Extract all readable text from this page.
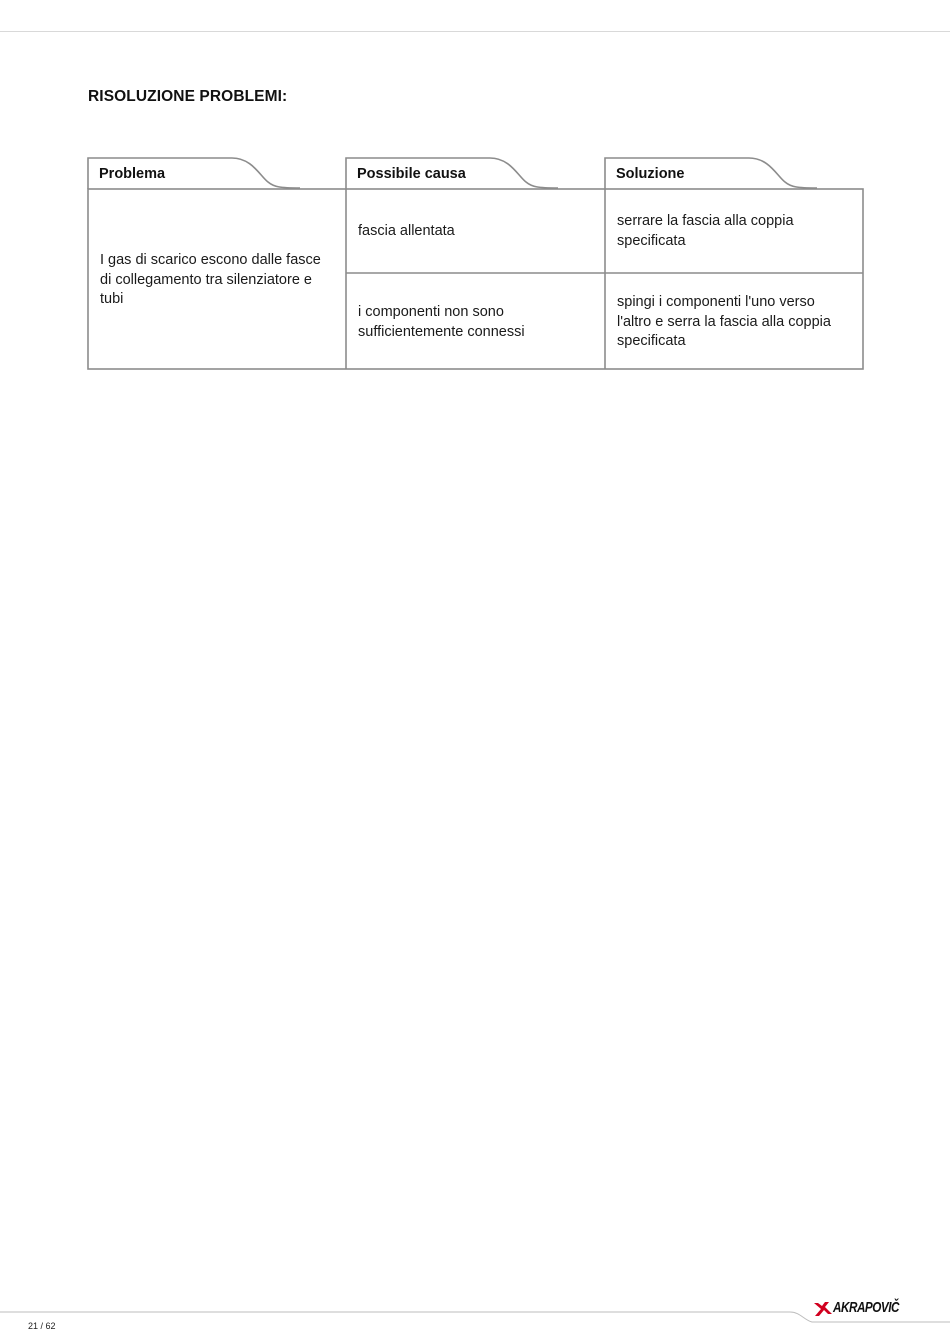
RISOLUZIONE PROBLEMI:
Problema	Possibile causa	Soluzione
I gas di scarico escono dalle fasce di collegamento tra silenziatore e tubi
fascia allentata
serrare la fascia alla coppia specificata
i componenti non sono sufficientemente connessi
spingi i componenti l'uno verso l'altro e serra la fascia alla coppia specificata
21 / 62
AKRAPOVIČ
